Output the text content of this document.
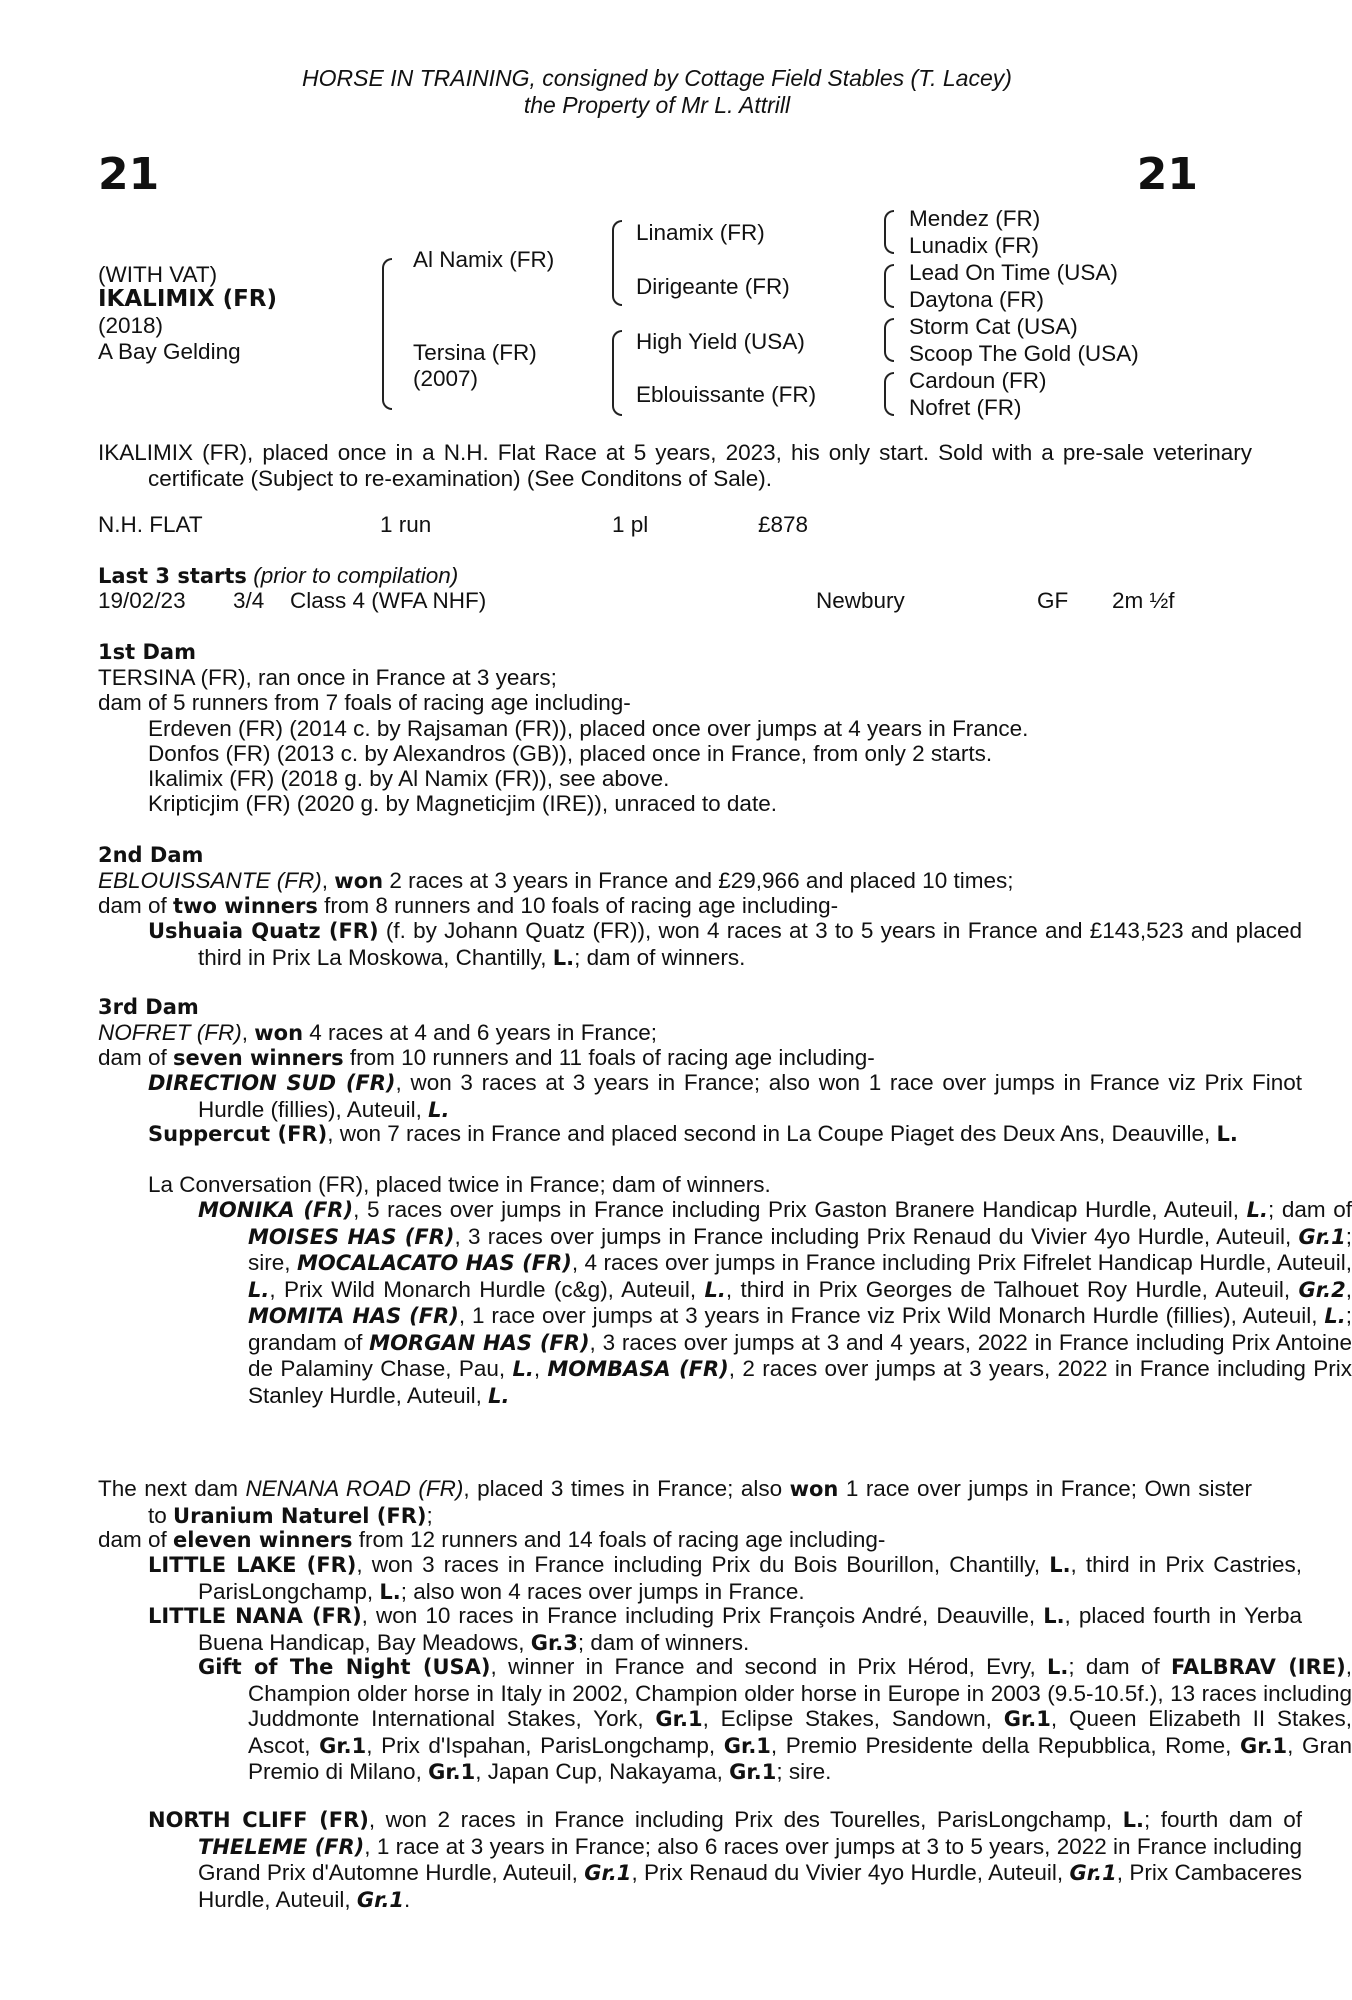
HORSE IN TRAINING, consigned by Cottage Field Stables (T. Lacey)
the Property of Mr L. Attrill
21	21
(WITH VAT)
IKALIMIX (FR)
(2018)
A Bay Gelding
Al Namix (FR)
Tersina (FR)
(2007)
Linamix (FR)
Dirigeante (FR)
High Yield (USA)
Eblouissante (FR)
Mendez (FR)
Lunadix (FR)
Lead On Time (USA)
Daytona (FR)
Storm Cat (USA)
Scoop The Gold (USA)
Cardoun (FR)
Nofret (FR)
IKALIMIX (FR), placed once in a N.H. Flat Race at 5 years, 2023, his only start. Sold with a pre-sale veterinary certificate (Subject to re-examination) (See Conditons of Sale).
N.H. FLAT	1 run	1 pl	£878
Last 3 starts (prior to compilation)
19/02/23 3/4 Class 4 (WFA NHF)	Newbury	GF 2m ½f
1st Dam
TERSINA (FR), ran once in France at 3 years;
dam of 5 runners from 7 foals of racing age including-
Erdeven (FR) (2014 c. by Rajsaman (FR)), placed once over jumps at 4 years in France.
Donfos (FR) (2013 c. by Alexandros (GB)), placed once in France, from only 2 starts.
Ikalimix (FR) (2018 g. by Al Namix (FR)), see above.
Kripticjim (FR) (2020 g. by Magneticjim (IRE)), unraced to date.
2nd Dam
EBLOUISSANTE (FR), won 2 races at 3 years in France and £29,966 and placed 10 times;
dam of two winners from 8 runners and 10 foals of racing age including-
Ushuaia Quatz (FR) (f. by Johann Quatz (FR)), won 4 races at 3 to 5 years in France and £143,523 and placed third in Prix La Moskowa, Chantilly, L.; dam of winners.
3rd Dam
NOFRET (FR), won 4 races at 4 and 6 years in France;
dam of seven winners from 10 runners and 11 foals of racing age including-
DIRECTION SUD (FR), won 3 races at 3 years in France; also won 1 race over jumps in France viz Prix Finot Hurdle (fillies), Auteuil, L.
Suppercut (FR), won 7 races in France and placed second in La Coupe Piaget des Deux Ans, Deauville, L.
La Conversation (FR), placed twice in France; dam of winners.
MONIKA (FR), 5 races over jumps in France including Prix Gaston Branere Handicap Hurdle, Auteuil, L.; dam of MOISES HAS (FR), 3 races over jumps in France including Prix Renaud du Vivier 4yo Hurdle, Auteuil, Gr.1; sire, MOCALACATO HAS (FR), 4 races over jumps in France including Prix Fifrelet Handicap Hurdle, Auteuil, L., Prix Wild Monarch Hurdle (c&g), Auteuil, L., third in Prix Georges de Talhouet Roy Hurdle, Auteuil, Gr.2, MOMITA HAS (FR), 1 race over jumps at 3 years in France viz Prix Wild Monarch Hurdle (fillies), Auteuil, L.; grandam of MORGAN HAS (FR), 3 races over jumps at 3 and 4 years, 2022 in France including Prix Antoine de Palaminy Chase, Pau, L., MOMBASA (FR), 2 races over jumps at 3 years, 2022 in France including Prix Stanley Hurdle, Auteuil, L.
The next dam NENANA ROAD (FR), placed 3 times in France; also won 1 race over jumps in France; Own sister to Uranium Naturel (FR);
dam of eleven winners from 12 runners and 14 foals of racing age including-
LITTLE LAKE (FR), won 3 races in France including Prix du Bois Bourillon, Chantilly, L., third in Prix Castries, ParisLongchamp, L.; also won 4 races over jumps in France.
LITTLE NANA (FR), won 10 races in France including Prix François André, Deauville, L., placed fourth in Yerba Buena Handicap, Bay Meadows, Gr.3; dam of winners.
Gift of The Night (USA), winner in France and second in Prix Hérod, Evry, L.; dam of FALBRAV (IRE), Champion older horse in Italy in 2002, Champion older horse in Europe in 2003 (9.5-10.5f.), 13 races including Juddmonte International Stakes, York, Gr.1, Eclipse Stakes, Sandown, Gr.1, Queen Elizabeth II Stakes, Ascot, Gr.1, Prix d'Ispahan, ParisLongchamp, Gr.1, Premio Presidente della Repubblica, Rome, Gr.1, Gran Premio di Milano, Gr.1, Japan Cup, Nakayama, Gr.1; sire.
NORTH CLIFF (FR), won 2 races in France including Prix des Tourelles, ParisLongchamp, L.; fourth dam of THELEME (FR), 1 race at 3 years in France; also 6 races over jumps at 3 to 5 years, 2022 in France including Grand Prix d'Automne Hurdle, Auteuil, Gr.1, Prix Renaud du Vivier 4yo Hurdle, Auteuil, Gr.1, Prix Cambaceres Hurdle, Auteuil, Gr.1.
